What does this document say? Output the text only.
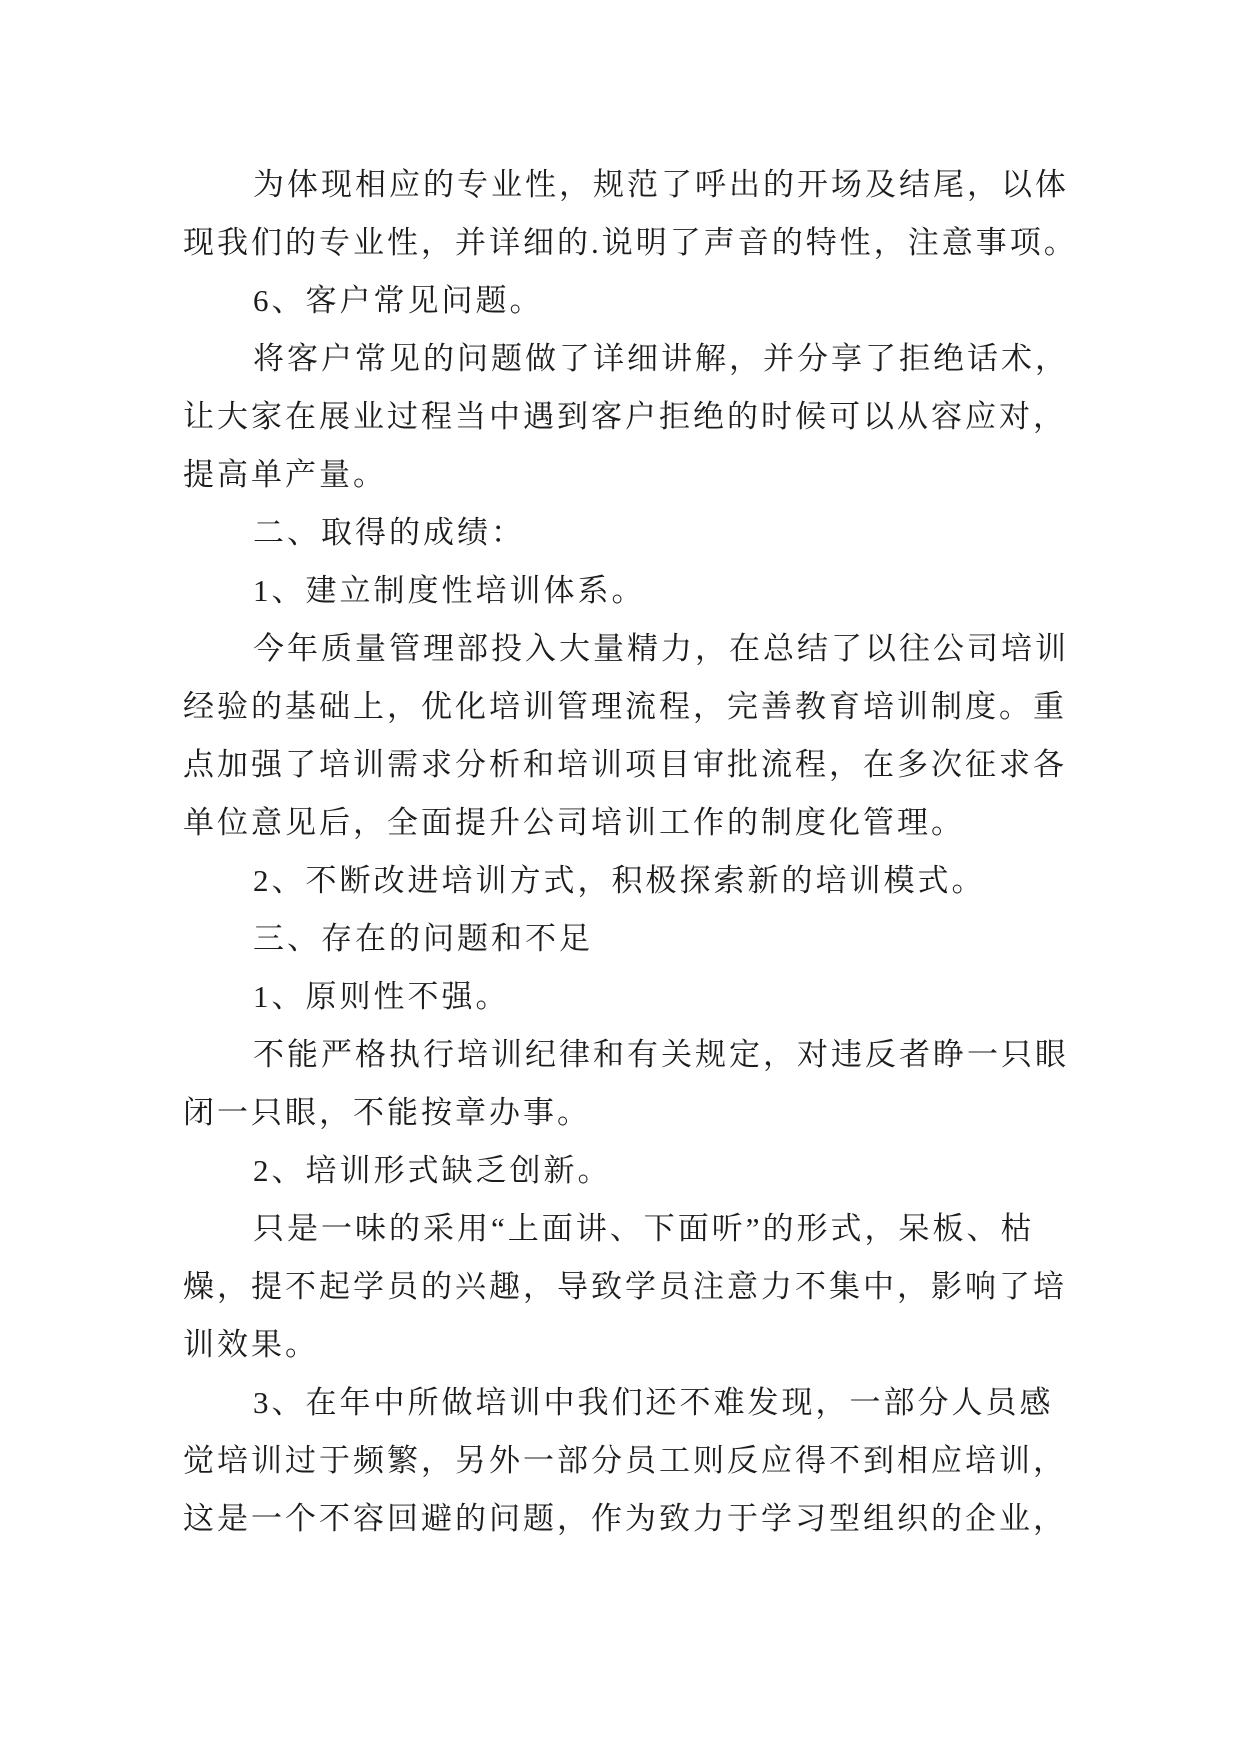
为体现相应的专业性，规范了呼出的开场及结尾，以体
现我们的专业性，并详细的.说明了声音的特性，注意事项。
6、客户常见问题。
将客户常见的问题做了详细讲解，并分享了拒绝话术，
让大家在展业过程当中遇到客户拒绝的时候可以从容应对，
提高单产量。
二、取得的成绩：
1、建立制度性培训体系。
今年质量管理部投入大量精力，在总结了以往公司培训
经验的基础上，优化培训管理流程，完善教育培训制度。重
点加强了培训需求分析和培训项目审批流程，在多次征求各
单位意见后，全面提升公司培训工作的制度化管理。
2、不断改进培训方式，积极探索新的培训模式。
三、存在的问题和不足
1、原则性不强。
不能严格执行培训纪律和有关规定，对违反者睁一只眼
闭一只眼，不能按章办事。
2、培训形式缺乏创新。
只是一味的采用“上面讲、下面听”的形式，呆板、枯
燥，提不起学员的兴趣，导致学员注意力不集中，影响了培
训效果。
3、在年中所做培训中我们还不难发现，一部分人员感
觉培训过于频繁，另外一部分员工则反应得不到相应培训，
这是一个不容回避的问题，作为致力于学习型组织的企业，
